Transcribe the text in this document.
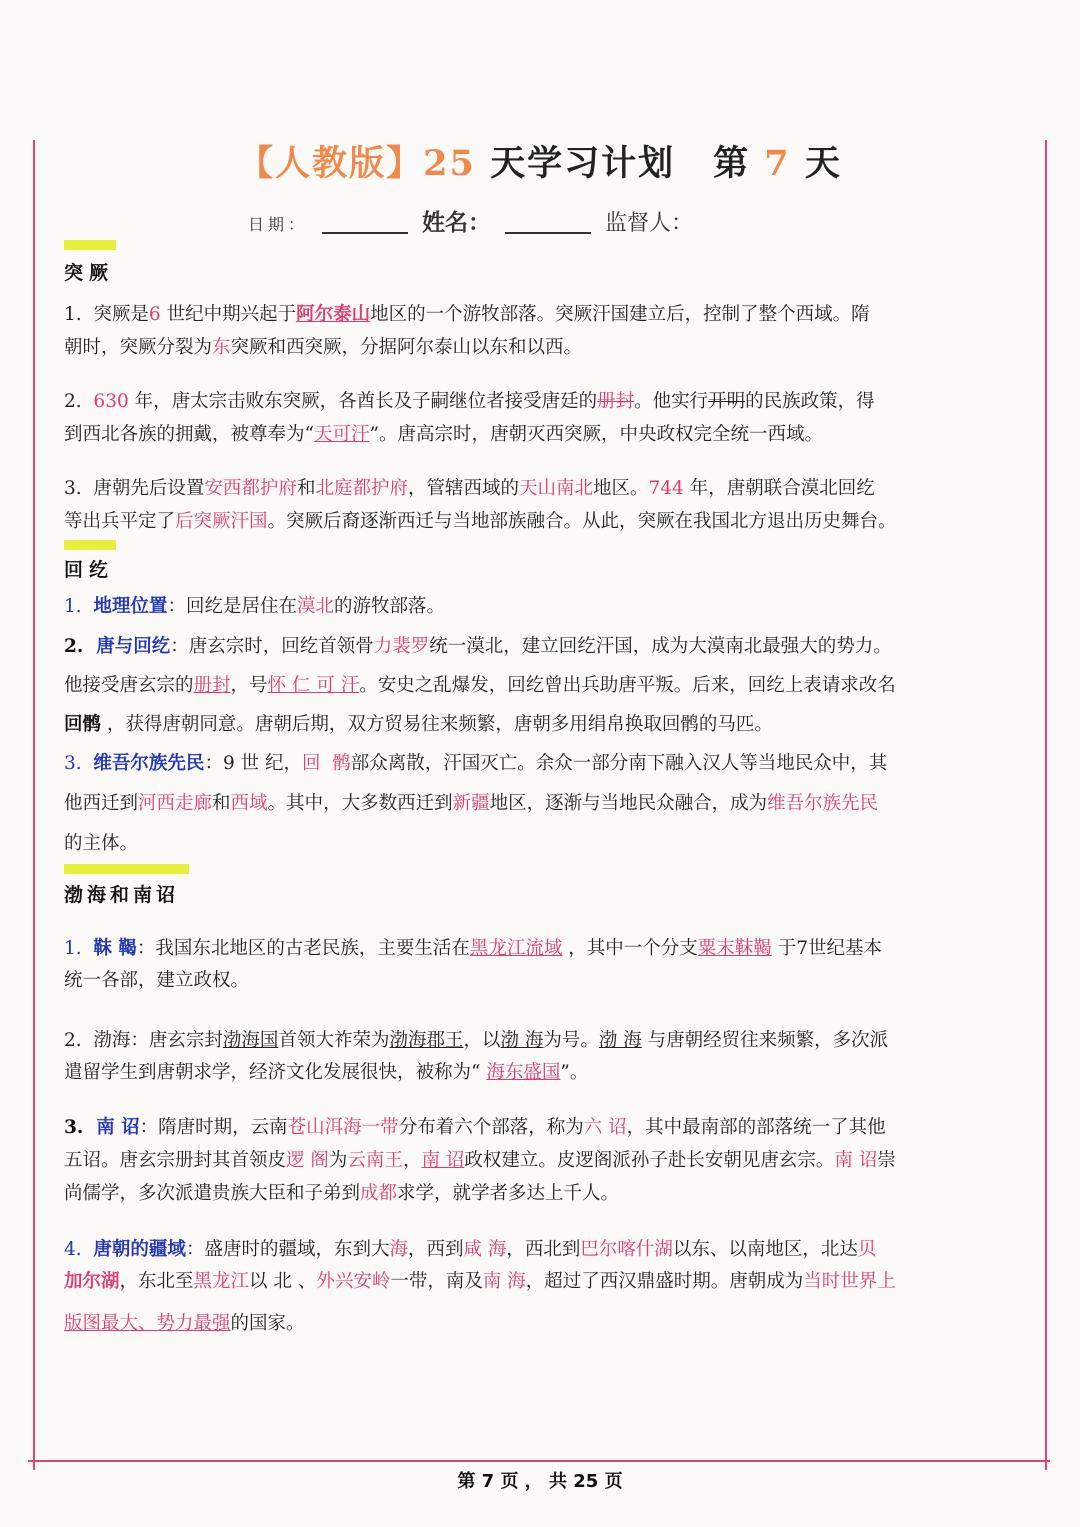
【人教版】25 天学习计划 第 7 天
日期：	姓名：	监督人：
突厥
1.  突厥是6 世纪中期兴起于阿尔泰山地区的一个游牧部落。突厥汗国建立后，控制了整个西域。隋
朝时，突厥分裂为东突厥和西突厥，分据阿尔泰山以东和以西。
2.  630 年，唐太宗击败东突厥，各酋长及子嗣继位者接受唐廷的册封。他实行开明的民族政策，得
到西北各族的拥戴，被尊奉为“天可汗”。唐高宗时，唐朝灭西突厥，中央政权完全统一西域。
3.  唐朝先后设置安西都护府和北庭都护府，管辖西域的天山南北地区。744 年，唐朝联合漠北回纥
等出兵平定了后突厥汗国。突厥后裔逐渐西迁与当地部族融合。从此，突厥在我国北方退出历史舞台。
回纥
1.  地理位置：回纥是居住在漠北的游牧部落。
2.  唐与回纥：唐玄宗时，回纥首领骨力裴罗统一漠北，建立回纥汗国，成为大漠南北最强大的势力。
他接受唐玄宗的册封，号怀 仁 可 汗。安史之乱爆发，回纥曾出兵助唐平叛。后来，回纥上表请求改名
回鹘 ，获得唐朝同意。唐朝后期，双方贸易往来频繁，唐朝多用绢帛换取回鹘的马匹。
3.  维吾尔族先民：9 世 纪，回  鹘部众离散，汗国灭亡。余众一部分南下融入汉人等当地民众中，其
他西迁到河西走廊和西域。其中，大多数西迁到新疆地区，逐渐与当地民众融合，成为维吾尔族先民
的主体。
渤海和南诏
1.  靺 鞨：我国东北地区的古老民族，主要生活在黑龙江流域 ，其中一个分支粟末靺鞨 于7世纪基本
统一各部，建立政权。
2.  渤海：唐玄宗封渤海国首领大祚荣为渤海郡王，以渤 海为号。渤 海 与唐朝经贸往来频繁，多次派
遣留学生到唐朝求学，经济文化发展很快，被称为“ 海东盛国”。
3.  南 诏：隋唐时期，云南苍山洱海一带分布着六个部落，称为六 诏，其中最南部的部落统一了其他
五诏。唐玄宗册封其首领皮逻 阁为云南王，南 诏政权建立。皮逻阁派孙子赴长安朝见唐玄宗。南 诏崇
尚儒学，多次派遣贵族大臣和子弟到成都求学，就学者多达上千人。
4.  唐朝的疆域：盛唐时的疆域，东到大海，西到咸 海，西北到巴尔喀什湖以东、以南地区，北达贝
加尔湖，东北至黑龙江以 北 、外兴安岭一带，南及南 海，超过了西汉鼎盛时期。唐朝成为当时世界上
版图最大、势力最强的国家。
第 7 页 ， 共 25 页
